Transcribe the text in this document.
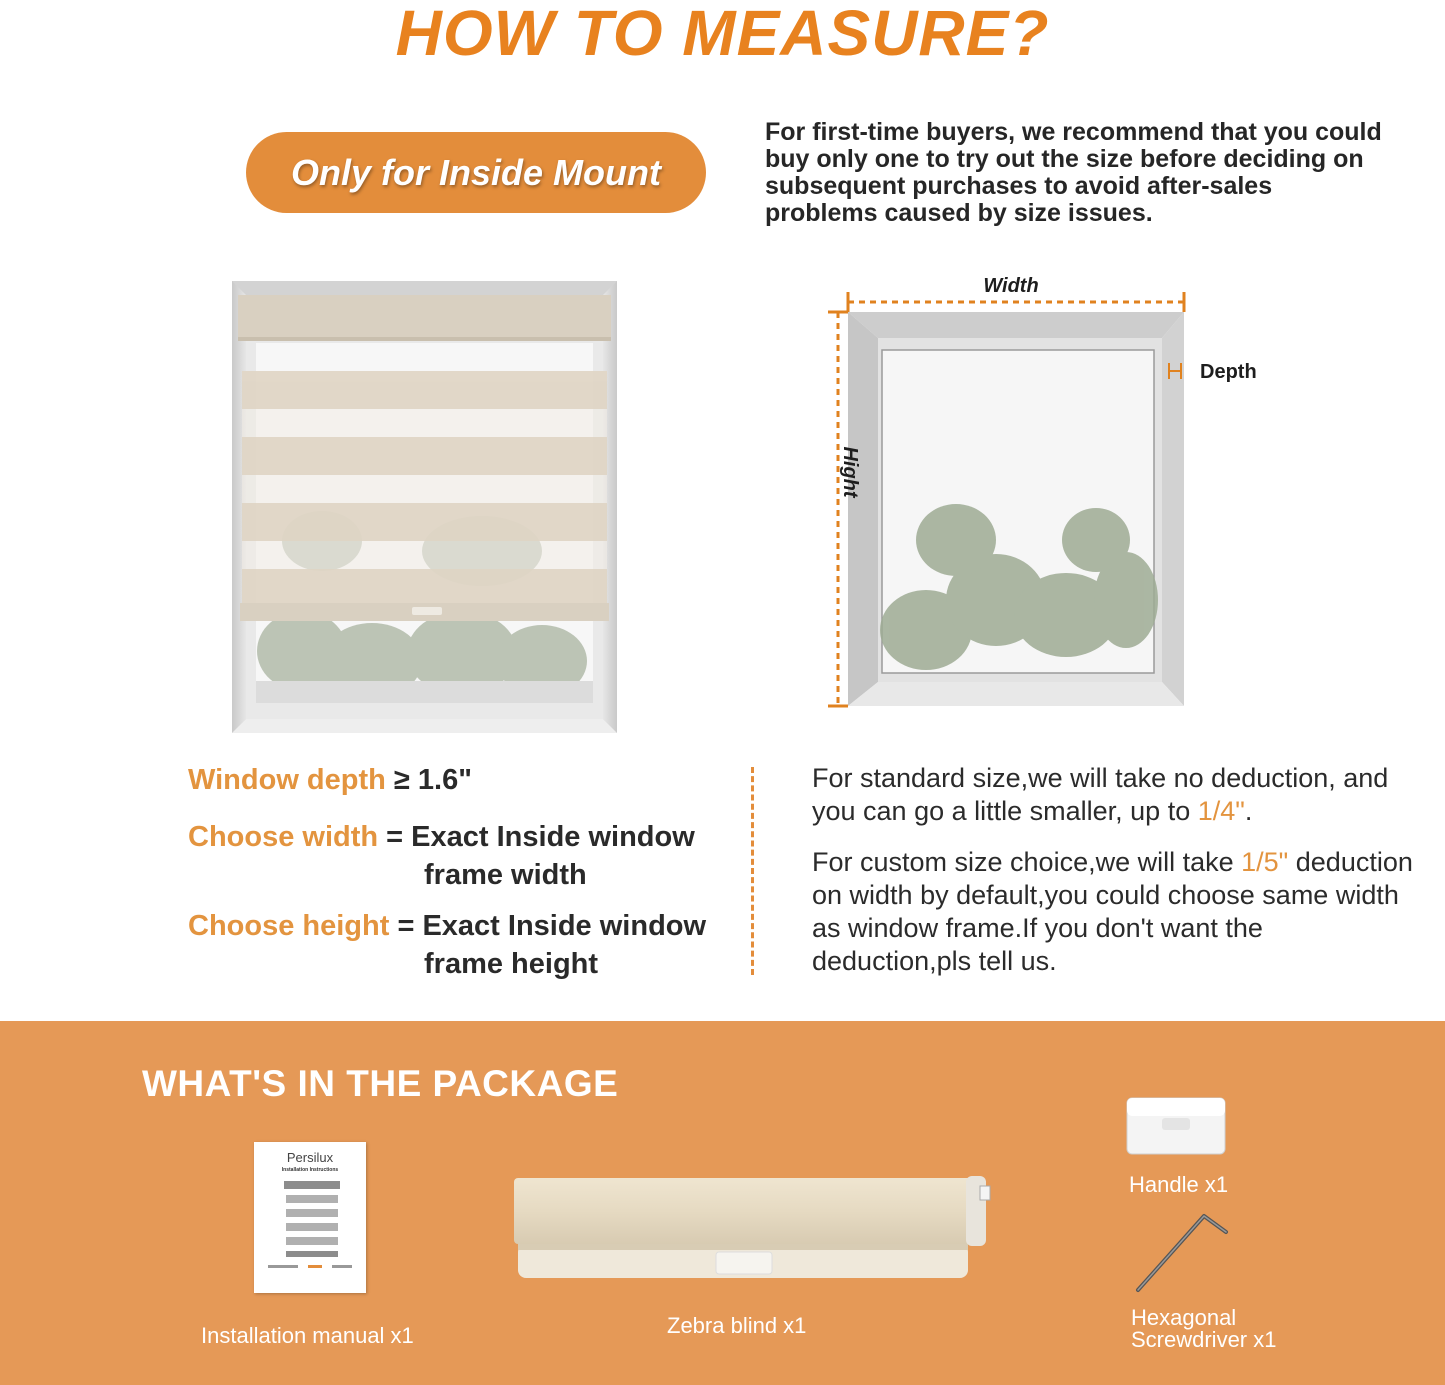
HOW TO MEASURE?
Only for Inside Mount
For first-time buyers, we recommend that you could buy only one to try out the size before deciding on subsequent purchases to avoid after-sales problems caused by size issues.
Width
Depth
Hight
Window depth ≥ 1.6"
Choose width = Exact Inside window
frame width
Choose height = Exact Inside window
frame height
For standard size,we will take no deduction, and you can go a little smaller, up to 1/4".
For custom size choice,we will take 1/5" deduction on width by default,you could choose same width as window frame.If you don't want the deduction,pls tell us.
WHAT'S IN THE PACKAGE
Persilux
Installation Instructions
Installation manual x1	Zebra blind x1
Handle x1
Hexagonal
Screwdriver x1
